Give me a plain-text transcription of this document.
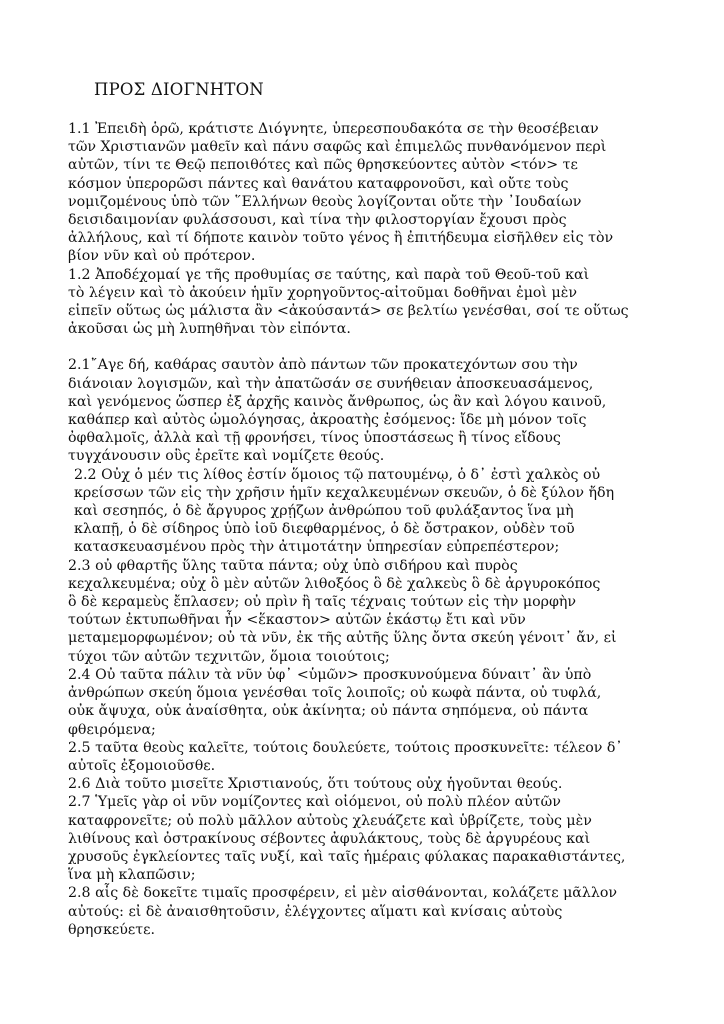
ΠΡΟΣ ΔΙΟΓΝΗΤΟΝ

1.1 Ἐπειδὴ ὁρῶ, κράτιστε Διόγνητε, ὑπερεσπουδακότα σε τὴν θεοσέβειαν
τῶν Χριστιανῶν μαθεῖν καὶ πάνυ σαφῶς καὶ ἐπιμελῶς πυνθανόμενον περὶ
αὐτῶν, τίνι τε Θεῷ πεποιθότες καὶ πῶς θρησκεύοντες αὐτὸν <τόν> τε
κόσμον ὑπερορῶσι πάντες καὶ θανάτου καταφρονοῦσι, καὶ οὔτε τοὺς
νομιζομένους ὑπὸ τῶν ῞Ελλήνων θεοὺς λογίζονται οὔτε τὴν ᾿Ιουδαίων
δεισιδαιμονίαν φυλάσσουσι, καὶ τίνα τὴν φιλοστοργίαν ἔχουσι πρὸς
ἀλλήλους, καὶ τί δήποτε καινὸν τοῦτο γένος ἢ ἐπιτήδευμα εἰσῆλθεν εἰς τὸν
βίον νῦν καὶ οὐ πρότερον.

1.2 Ἀποδέχομαί γε τῆς προθυμίας σε ταύτης, καὶ παρὰ τοῦ Θεοῦ-τοῦ καὶ
τὸ λέγειν καὶ τὸ ἀκούειν ἡμῖν χορηγοῦντος-αἰτοῦμαι δοθῆναι ἐμοὶ μὲν
εἰπεῖν οὕτως ὡς μάλιστα ἂν <ἀκούσαντά> σε βελτίω γενέσθαι, σοί τε οὕτως
ἀκοῦσαι ὡς μὴ λυπηθῆναι τὸν εἰπόντα.

2.1῎Αγε δή, καθάρας σαυτὸν ἀπὸ πάντων τῶν προκατεχόντων σου τὴν
διάνοιαν λογισμῶν, καὶ τὴν ἀπατῶσάν σε συνήθειαν ἀποσκευασάμενος,
καὶ γενόμενος ὥσπερ ἐξ ἀρχῆς καινὸς ἄνθρωπος, ὡς ἂν καὶ λόγου καινοῦ,
καθάπερ καὶ αὐτὸς ὡμολόγησας, ἀκροατὴς ἐσόμενος: ἴδε μὴ μόνον τοῖς
ὀφθαλμοῖς, ἀλλὰ καὶ τῇ φρονήσει, τίνος ὑποστάσεως ἢ τίνος εἴδους
τυγχάνουσιν οὓς ἐρεῖτε καὶ νομίζετε θεούς.

2.2 Οὐχ ὁ μέν τις λίθος ἐστίν ὅμοιος τῷ πατουμένῳ, ὁ δ᾿ ἐστὶ χαλκὸς οὐ
κρείσσων τῶν εἰς τὴν χρῆσιν ἡμῖν κεχαλκευμένων σκευῶν, ὁ δὲ ξύλον ἤδη
καὶ σεσηπός, ὁ δὲ ἄργυρος χρῄζων ἀνθρώπου τοῦ φυλάξαντος ἵνα μὴ
κλαπῇ, ὁ δὲ σίδηρος ὑπὸ ἰοῦ διεφθαρμένος, ὁ δὲ ὄστρακον, οὐδὲν τοῦ
κατασκευασμένου πρὸς τὴν ἀτιμοτάτην ὑπηρεσίαν εὐπρεπέστερον;

2.3 οὐ φθαρτῆς ὕλης ταῦτα πάντα; οὐχ ὑπὸ σιδήρου καὶ πυρὸς
κεχαλκευμένα; οὐχ ὃ μὲν αὐτῶν λιθοξόος ὃ δὲ χαλκεὺς ὃ δὲ ἀργυροκόπος
ὃ δὲ κεραμεὺς ἔπλασεν; οὐ πρὶν ἢ ταῖς τέχναις τούτων εἰς τὴν μορφὴν
τούτων ἐκτυπωθῆναι ἦν <ἕκαστον> αὐτῶν ἑκάστῳ ἔτι καὶ νῦν
μεταμεμορφωμένον; οὐ τὰ νῦν, ἐκ τῆς αὐτῆς ὕλης ὄντα σκεύη γένοιτ᾿ ἄν, εἰ
τύχοι τῶν αὐτῶν τεχνιτῶν, ὅμοια τοιούτοις;

2.4 Οὐ ταῦτα πάλιν τὰ νῦν ὑφ᾿ <ὑμῶν> προσκυνούμενα δύναιτ᾿ ἂν ὑπὸ
ἀνθρώπων σκεύη ὅμοια γενέσθαι τοῖς λοιποῖς; οὐ κωφὰ πάντα, οὐ τυφλά,
οὐκ ἄψυχα, οὐκ ἀναίσθητα, οὐκ ἀκίνητα; οὐ πάντα σηπόμενα, οὐ πάντα
φθειρόμενα;

2.5 ταῦτα θεοὺς καλεῖτε, τούτοις δουλεύετε, τούτοις προσκυνεῖτε: τέλεον δ᾿
αὐτοῖς ἐξομοιοῦσθε.

2.6 Διὰ τοῦτο μισεῖτε Χριστιανούς, ὅτι τούτους οὐχ ἡγοῦνται θεούς.

2.7 Ὑμεῖς γὰρ οἱ νῦν νομίζοντες καὶ οἰόμενοι, οὐ πολὺ πλέον αὐτῶν
καταφρονεῖτε; οὐ πολὺ μᾶλλον αὐτοὺς χλευάζετε καὶ ὑβρίζετε, τοὺς μὲν
λιθίνους καὶ ὀστρακίνους σέβοντες ἀφυλάκτους, τοὺς δὲ ἀργυρέους καὶ
χρυσοῦς ἐγκλείοντες ταῖς νυξί, καὶ ταῖς ἡμέραις φύλακας παρακαθιστάντες,
ἵνα μὴ κλαπῶσιν;

2.8 αἷς δὲ δοκεῖτε τιμαῖς προσφέρειν, εἰ μὲν αἰσθάνονται, κολάζετε μᾶλλον
αὐτούς: εἰ δὲ ἀναισθητοῦσιν, ἐλέγχοντες αἵματι καὶ κνίσαις αὐτοὺς
θρησκεύετε.
